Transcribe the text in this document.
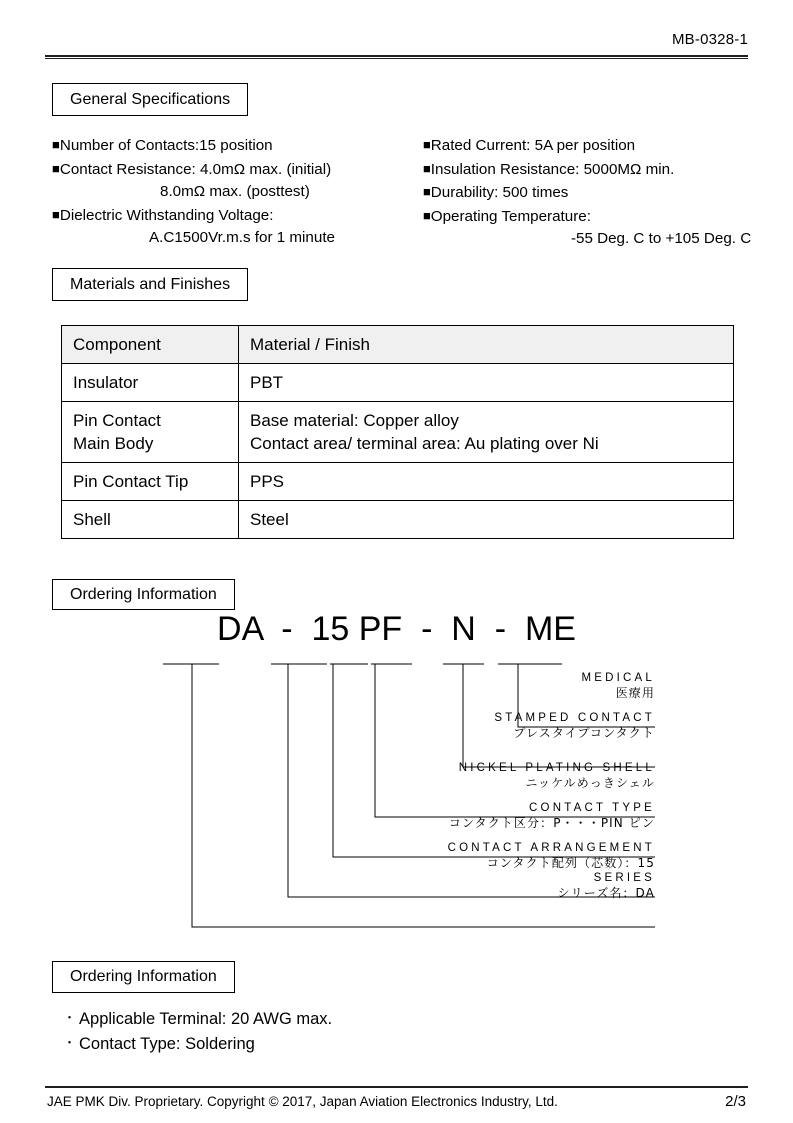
MB-0328-1
General Specifications
■Number of Contacts:15 position
■Contact Resistance: 4.0mΩ max. (initial)
8.0mΩ max. (posttest)
■Dielectric Withstanding Voltage:
A.C1500Vr.m.s for 1 minute
■Rated Current: 5A per position
■Insulation Resistance: 5000MΩ min.
■Durability: 500 times
■Operating Temperature:
-55 Deg. C to +105 Deg. C
Materials and Finishes
Component	Material / Finish
Insulator	PBT

Pin Contact
Main Body	Base material: Copper alloy
Contact area/ terminal area: Au plating over Ni

Pin Contact Tip	PPS
Shell	Steel
Ordering Information
DA  -  15 PF  -  N  -  ME
MEDICAL
医療用
STAMPED CONTACT
プレスタイプコンタクト
NICKEL PLATING SHELL
ニッケルめっきシェル
CONTACT TYPE
コンタクト区分：P・・・PIN ピン
CONTACT ARRANGEMENT
コンタクト配列（芯数）：15
SERIES
シリーズ名：DA
Ordering Information
・ Applicable Terminal: 20 AWG max.
・ Contact Type: Soldering
JAE PMK Div. Proprietary. Copyright © 2017, Japan Aviation Electronics Industry, Ltd.	2/3
